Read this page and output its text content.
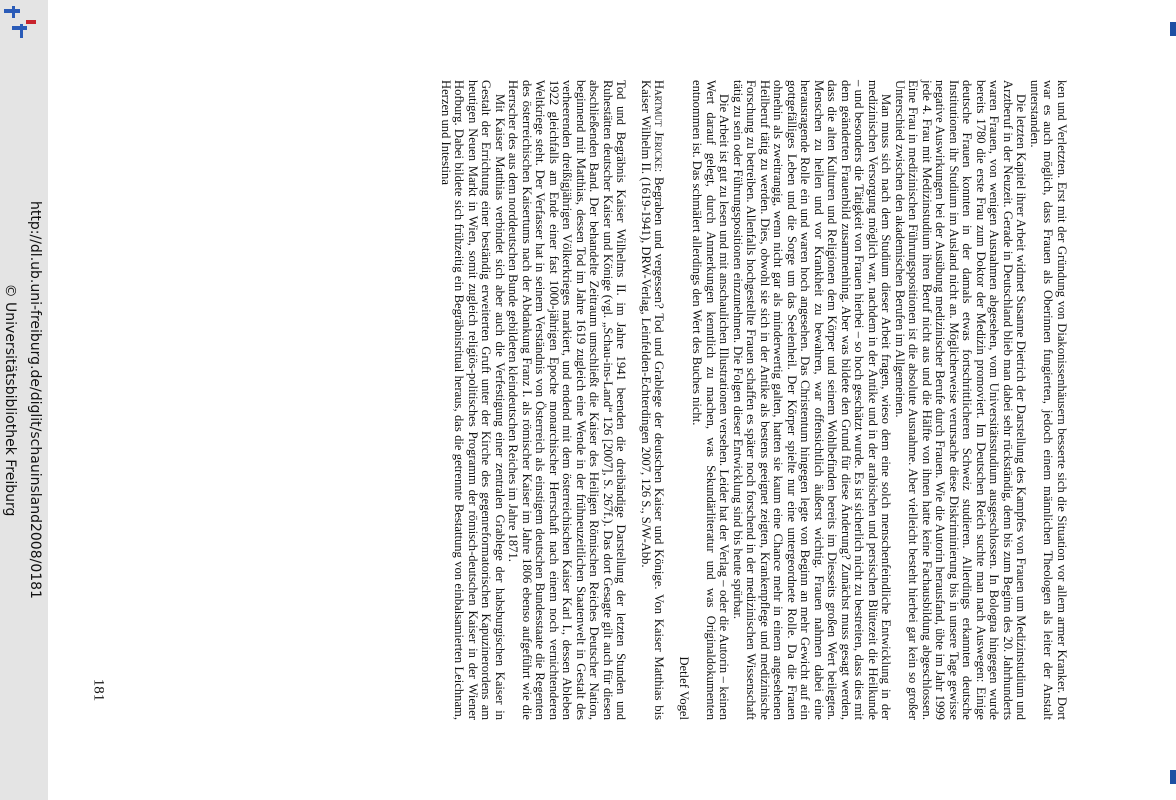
http://dl.ub.uni-freiburg.de/diglit/schauinsland2008/0181
© Universitätsbibliothek Freiburg
181	ken und Verletzten. Erst mit der Gründung von Diakonissenhäusern besserte sich die Situation vor allem armer Kranker. Dort war es auch möglich, dass Frauen als Oberinnen fungierten, jedoch einem männlichen Theologen als leiter der Anstalt unterstanden.

Die letzten Kapitel ihrer Arbeit widmet Susanne Dietrich der Darstellung des Kampfes von Frauen um Medizinstudium und Arztberuf in der Neuzeit. Gerade in Deutschland blieb man dabei sehr rückständig, denn bis zum Beginn des 20. Jahrhunderts waren Frauen, von wenigen Ausnahmen abgesehen, vom Universitätsstudium ausgeschlossen. In Bologna hingegen wurde bereits 1780 die erste Frau zum Doktor der Medizin promoviert. Im Deutschen Reich suchte man nach Auswegen: Einige deutsche Frauen konnten in der damals etwas fortschrittlicheren Schweiz studieren. Allerdings erkannten deutsche Institutionen ihr Studium im Ausland nicht an. Möglicherweise verursache diese Diskriminierung bis in unsere Tage gewisse negative Auswirkungen bei der Ausübung medizinischer Berufe durch Frauen. Wie die Autorin herausfand, übte im Jahr 1999 jede 4. Frau mit Medizinstudium ihren Beruf nicht aus und die Hälfte von ihnen hatte keine Fachausbildung abgeschlossen. Eine Frau in medizinischen Führungspositionen ist die absolute Ausnahme. Aber vielleicht besteht hierbei gar kein so großer Unterschied zwischen den akademischen Berufen im Allgemeinen.

Man muss sich nach dem Studium dieser Arbeit fragen, wieso dem eine solch menschenfeindliche Entwicklung in der medizinischen Versorgung möglich war, nachdem in der Antike und in der arabischen und persischen Blütezeit die Heilkunde – und besonders die Tätigkeit von Frauen hierbei – so hoch geschätzt wurde. Es ist sicherlich nicht zu bestreiten, dass dies mit dem geänderten Frauenbild zusammenhing. Aber was bildete den Grund für diese Änderung? Zunächst muss gesagt werden, dass die alten Kulturen und Religionen dem Körper und seinem Wohlbefinden bereits im Diesseits großen Wert beilegten. Menschen zu heilen und vor Krankheit zu bewahren, war offensichtlich äußerst wichtig. Frauen nahmen dabei eine herausragende Rolle ein und waren hoch angesehen. Das Christentum hingegen legte von Beginn an mehr Gewicht auf ein gottgefälliges Leben und die Sorge um das Seelenheil. Der Körper spielte nur eine untergeordnete Rolle. Da die Frauen ohnehin als zweitrangig, wenn nicht gar als minderwertig galten, hatten sie kaum eine Chance mehr in einem angesehenen Heilberuf tätig zu werden. Dies, obwohl sie sich in der Antike als bestens geeignet zeigten, Krankenpflege und medizinische Forschung zu betreiben. Allenfalls hochgestellte Frauen schaffen es später noch forschend in der medizinischen Wissenschaft tätig zu sein oder Führungspositionen einzunehmen. Die Folgen dieser Entwicklung sind bis heute spürbar.

Die Arbeit ist gut zu lesen und mit anschaulichen Illustrationen versehen. Leider hat der Verlag – oder die Autorin – keinen Wert darauf gelegt, durch Anmerkungen kenntlich zu machen, was Sekundärliteratur und was Originaldokumenten entnommen ist. Das schmälert allerdings den Wert des Buches nicht.

Detlef Vogel

Hartmut Jericke: Begraben und vergessen? Tod und Grablege der deutschen Kaiser und Könige. Von Kaiser Matthias bis Kaiser Wilhelm II. (1619-1941), DRW-Verlag, Leinfelden-Echterdingen 2007, 126 S., S/W-Abb.

Tod und Begräbnis Kaiser Wilhelms II. im Jahre 1941 beenden die dreibändige Darstellung der letzten Stunden und Ruhestätten deutscher Kaiser und Könige (vgl. „Schau-ins-Land“ 126 [2007], S. 267f.). Das dort Gesagte gilt auch für diesen abschließenden Band. Der behandelte Zeitraum umschließt die Kaiser des Heiligen Römischen Reiches Deutscher Nation, beginnend mit Matthias, dessen Tod im Jahre 1619 zugleich eine Wende in der frühneuzeitlichen Staatenwelt in Gestalt des verheerenden dreißigjährigen Völkerkrieges markiert, und endend mit dem österreichischen Kaiser Karl I., dessen Ableben 1922 gleichfalls am Ende einer fast 1000-jährigen Epoche monarchischer Herrschaft nach einem noch vernichtenderen Weltkriege steht. Der Verfasser hat in seinem Verständnis von Österreich als einstigem deutschen Bundesstaate die Regenten des österreichischen Kaisertums nach der Abdankung Franz I. als römischer Kaiser im Jahre 1806 ebenso aufgeführt wie die Herrscher des aus dem norddeutschen Bunde gebildeten kleindeutschen Reiches im Jahre 1871.

Mit Kaiser Matthias verbindet sich aber auch die Verfestigung einer zentralen Grablege der habsburgischen Kaiser in Gestalt der Errichtung einer beständig erweiterten Gruft unter der Kirche des gegenreformatorischen Kapuzinerordens am heutigen Neuen Markt in Wien, somit zugleich religiös-politisches Programm der römisch-deutschen Kaiser in der Wiener Hofburg. Dabei bildete sich frühzeitig ein Begräbnisritual heraus, das die getrennte Bestattung von einbalsamierten Leichnam, Herzen und Intestina
